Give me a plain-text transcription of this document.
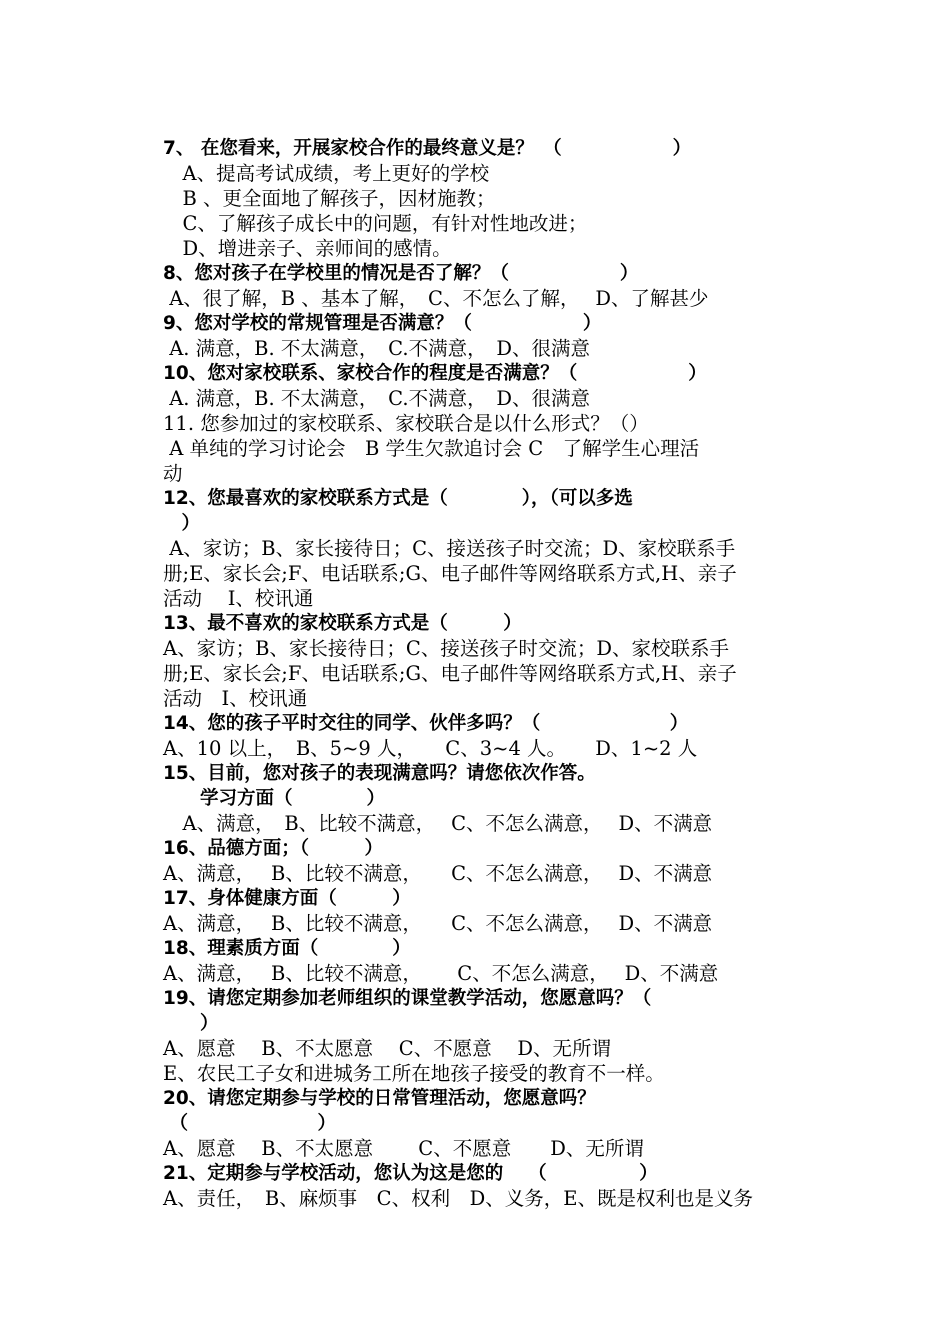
7、 在您看来，开展家校合作的最终意义是？　（　　　　　　）
　A、提高考试成绩，考上更好的学校
　B 、更全面地了解孩子，因材施教；
　C、了解孩子成长中的问题，有针对性地改进；
　D、增进亲子、亲师间的感情。
8、您对孩子在学校里的情况是否了解？（　　　　　　）
A、很了解，B 、基本了解，　C、不怎么了解，　 D、了解甚少
9、您对学校的常规管理是否满意？（　　　　　　）
A. 满意，B. 不太满意，　C.不满意，　D、很满意
10、您对家校联系、家校合作的程度是否满意？（　　　　　　）
A. 满意，B. 不太满意，　C.不满意，　D、很满意
11. 您参加过的家校联系、家校联合是以什么形式？（）
A 单纯的学习讨论会　B 学生欠款追讨会 C　了解学生心理活
动
12、您最喜欢的家校联系方式是（　　　　），（可以多选
　）
A、家访；B、家长接待日；C、接送孩子时交流；D、家校联系手
册;E、家长会;F、电话联系;G、电子邮件等网络联系方式,H、亲子
活动　 I、校讯通
13、最不喜欢的家校联系方式是（　　　）
A、家访；B、家长接待日；C、接送孩子时交流；D、家校联系手
册;E、家长会;F、电话联系;G、电子邮件等网络联系方式,H、亲子
活动　I、校讯通
14、您的孩子平时交往的同学、伙伴多吗？（　　　　　　　）
A、10 以上，　B、5~9 人，　　C、3~4 人。　　D、1~2 人
15、目前，您对孩子的表现满意吗？请您依次作答。
　　学习方面（　　　　）
　A、满意，　B、比较不满意，　 C、不怎么满意，　 D、不满意
16、品德方面；（　　　）
A、满意，　 B、比较不满意，　　C、不怎么满意，　 D、不满意
17、身体健康方面（　　　）
A、满意，　 B、比较不满意，　　C、不怎么满意，　 D、不满意
18、理素质方面（　　　　）
A、满意，　 B、比较不满意，　　 C、不怎么满意，　 D、不满意
19、请您定期参加老师组织的课堂教学活动，您愿意吗？（
　　）
A、愿意　 B、不太愿意　 C、不愿意　 D、无所谓
E、农民工子女和进城务工所在地孩子接受的教育不一样。
20、请您定期参与学校的日常管理活动，您愿意吗？
（　　　　　　　）
A、愿意　 B、不太愿意　　 C、不愿意　　D、无所谓
21、定期参与学校活动，您认为这是您的　 （　　　　　）
A、责任，　B、麻烦事　C、权利　D、义务，E、既是权利也是义务
